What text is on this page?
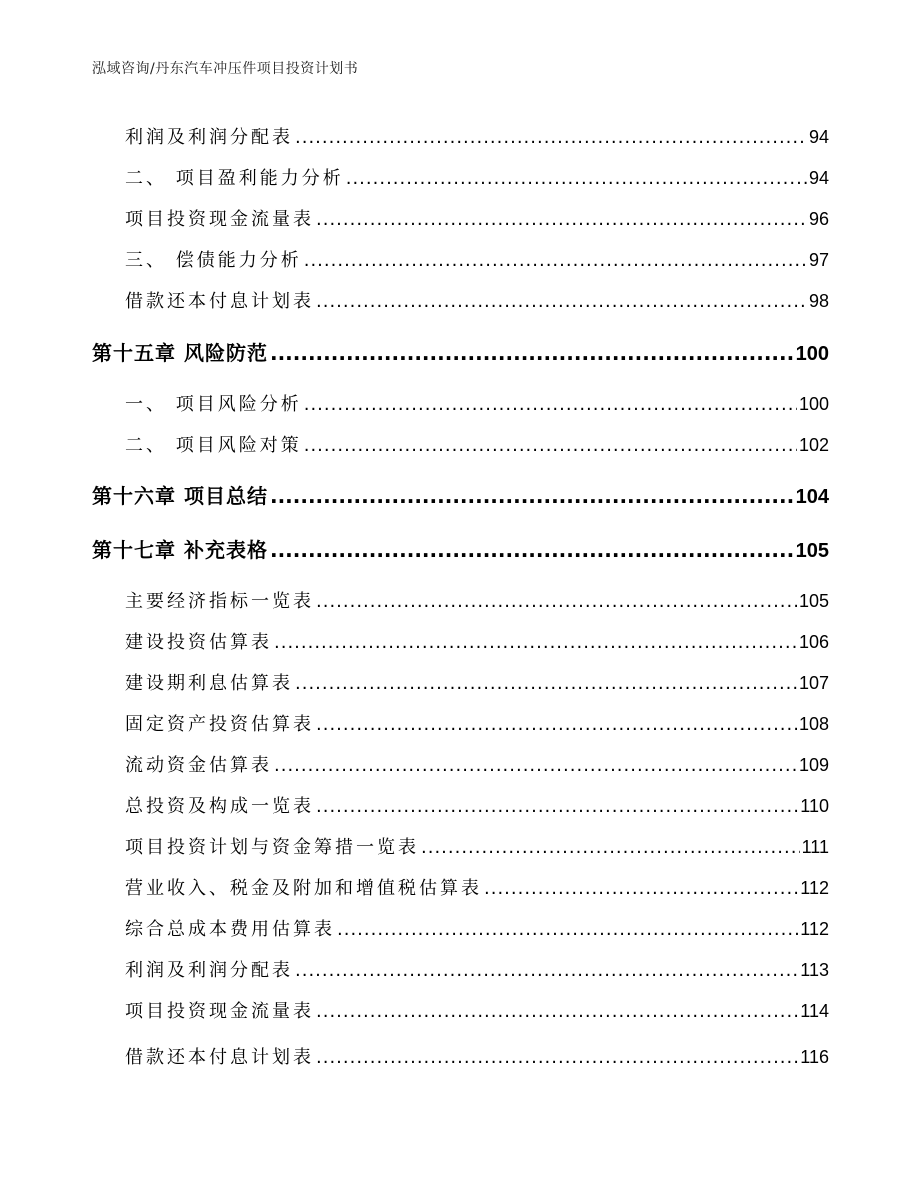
泓域咨询/丹东汽车冲压件项目投资计划书
利润及利润分配表 .....	94
二、 项目盈利能力分析 .....	94
项目投资现金流量表 .....	96
三、 偿债能力分析 .....	97
借款还本付息计划表 .....	98
第十五章 风险防范 .....	100
一、 项目风险分析 .....	100
二、 项目风险对策 .....	102
第十六章 项目总结 .....	104
第十七章 补充表格 .....	105
主要经济指标一览表 .....	105
建设投资估算表 .....	106
建设期利息估算表 .....	107
固定资产投资估算表 .....	108
流动资金估算表 .....	109
总投资及构成一览表 .....	110
项目投资计划与资金筹措一览表 .....	111
营业收入、税金及附加和增值税估算表 .....	112
综合总成本费用估算表 .....	112
利润及利润分配表 .....	113
项目投资现金流量表 .....	114
借款还本付息计划表 .....	116
